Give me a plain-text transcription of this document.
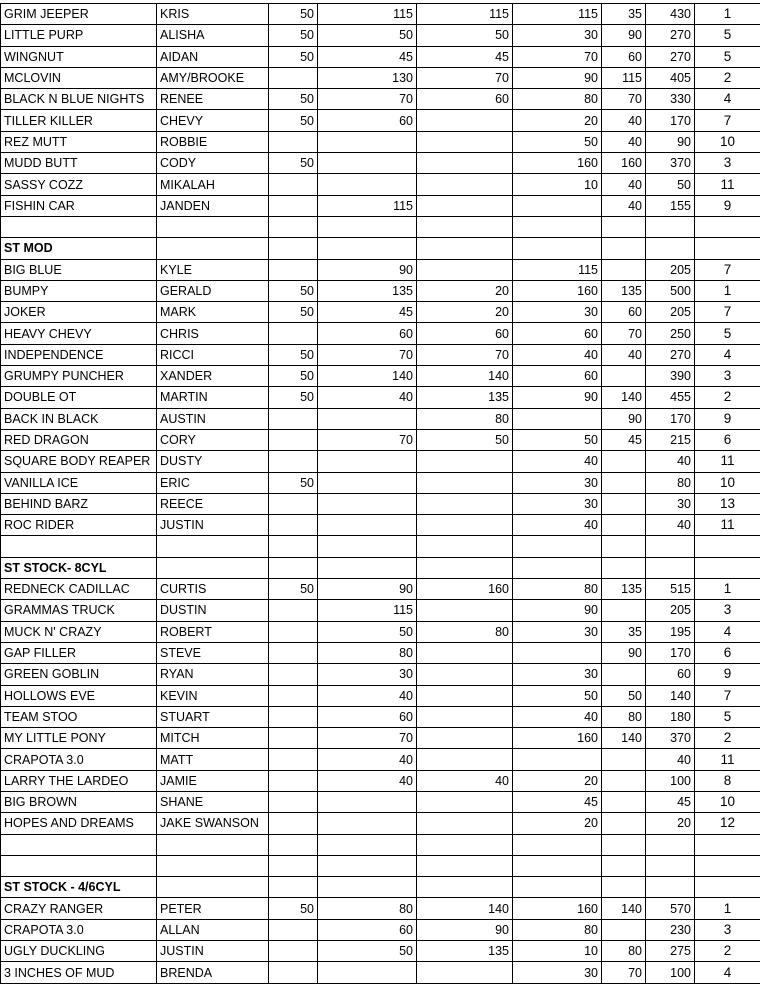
GRIM JEEPER	KRIS	50	115	115	115	35	430	1
LITTLE PURP	ALISHA	50	50	50	30	90	270	5
WINGNUT	AIDAN	50	45	45	70	60	270	5
MCLOVIN	AMY/BROOKE		130	70	90	115	405	2
BLACK N BLUE NIGHTS	RENEE	50	70	60	80	70	330	4
TILLER KILLER	CHEVY	50	60		20	40	170	7
REZ MUTT	ROBBIE				50	40	90	10
MUDD BUTT	CODY	50			160	160	370	3
SASSY COZZ	MIKALAH				10	40	50	11
FISHIN CAR	JANDEN		115			40	155	9

ST MOD								
BIG BLUE	KYLE		90		115		205	7
BUMPY	GERALD	50	135	20	160	135	500	1
JOKER	MARK	50	45	20	30	60	205	7
HEAVY CHEVY	CHRIS		60	60	60	70	250	5
INDEPENDENCE	RICCI	50	70	70	40	40	270	4
GRUMPY PUNCHER	XANDER	50	140	140	60		390	3
DOUBLE OT	MARTIN	50	40	135	90	140	455	2
BACK IN BLACK	AUSTIN			80		90	170	9
RED DRAGON	CORY		70	50	50	45	215	6
SQUARE BODY REAPER	DUSTY				40		40	11
VANILLA ICE	ERIC	50			30		80	10
BEHIND BARZ	REECE				30		30	13
ROC RIDER	JUSTIN				40		40	11

ST STOCK- 8CYL								
REDNECK CADILLAC	CURTIS	50	90	160	80	135	515	1
GRAMMAS TRUCK	DUSTIN		115		90		205	3
MUCK N' CRAZY	ROBERT		50	80	30	35	195	4
GAP FILLER	STEVE		80			90	170	6
GREEN GOBLIN	RYAN		30		30		60	9
HOLLOWS EVE	KEVIN		40		50	50	140	7
TEAM STOO	STUART		60		40	80	180	5
MY LITTLE PONY	MITCH		70		160	140	370	2
CRAPOTA 3.0	MATT		40				40	11
LARRY THE LARDEO	JAMIE		40	40	20		100	8
BIG BROWN	SHANE				45		45	10
HOPES AND DREAMS	JAKE SWANSON				20		20	12

ST STOCK - 4/6CYL								
CRAZY RANGER	PETER	50	80	140	160	140	570	1
CRAPOTA 3.0	ALLAN		60	90	80		230	3
UGLY DUCKLING	JUSTIN		50	135	10	80	275	2
3 INCHES OF MUD	BRENDA				30	70	100	4
